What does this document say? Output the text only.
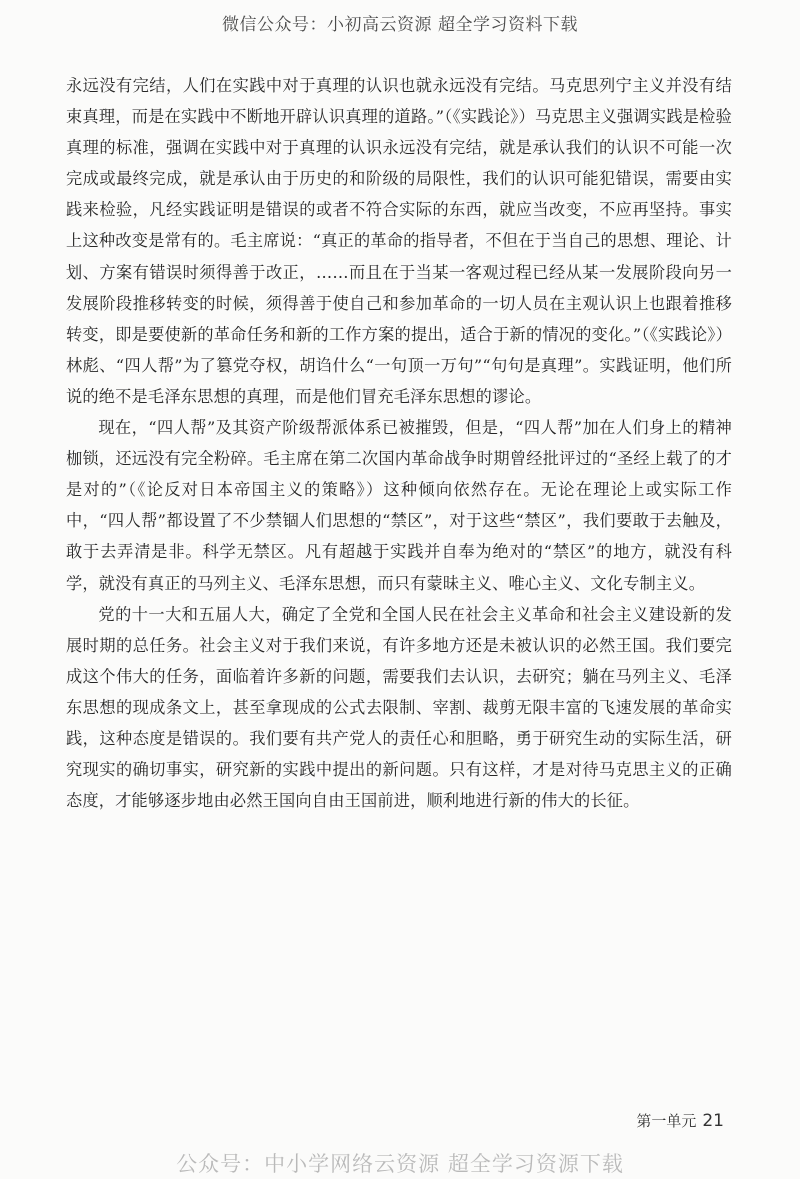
微信公众号：小初高云资源 超全学习资料下载

永远没有完结，人们在实践中对于真理的认识也就永远没有完结。马克思列宁主义并没有结束真理，而是在实践中不断地开辟认识真理的道路。”（《实践论》）马克思主义强调实践是检验真理的标准，强调在实践中对于真理的认识永远没有完结，就是承认我们的认识不可能一次完成或最终完成，就是承认由于历史的和阶级的局限性，我们的认识可能犯错误，需要由实践来检验，凡经实践证明是错误的或者不符合实际的东西，就应当改变，不应再坚持。事实上这种改变是常有的。毛主席说：“真正的革命的指导者，不但在于当自己的思想、理论、计划、方案有错误时须得善于改正，……而且在于当某一客观过程已经从某一发展阶段向另一发展阶段推移转变的时候，须得善于使自己和参加革命的一切人员在主观认识上也跟着推移转变，即是要使新的革命任务和新的工作方案的提出，适合于新的情况的变化。”（《实践论》）林彪、“四人帮”为了篡党夺权，胡诌什么“一句顶一万句”“句句是真理”。实践证明，他们所说的绝不是毛泽东思想的真理，而是他们冒充毛泽东思想的谬论。

现在，“四人帮”及其资产阶级帮派体系已被摧毁，但是，“四人帮”加在人们身上的精神枷锁，还远没有完全粉碎。毛主席在第二次国内革命战争时期曾经批评过的“圣经上载了的才是对的”（《论反对日本帝国主义的策略》）这种倾向依然存在。无论在理论上或实际工作中，“四人帮”都设置了不少禁锢人们思想的“禁区”，对于这些“禁区”，我们要敢于去触及，敢于去弄清是非。科学无禁区。凡有超越于实践并自奉为绝对的“禁区”的地方，就没有科学，就没有真正的马列主义、毛泽东思想，而只有蒙昧主义、唯心主义、文化专制主义。

党的十一大和五届人大，确定了全党和全国人民在社会主义革命和社会主义建设新的发展时期的总任务。社会主义对于我们来说，有许多地方还是未被认识的必然王国。我们要完成这个伟大的任务，面临着许多新的问题，需要我们去认识，去研究；躺在马列主义、毛泽东思想的现成条文上，甚至拿现成的公式去限制、宰割、裁剪无限丰富的飞速发展的革命实践，这种态度是错误的。我们要有共产党人的责任心和胆略，勇于研究生动的实际生活，研究现实的确切事实，研究新的实践中提出的新问题。只有这样，才是对待马克思主义的正确态度，才能够逐步地由必然王国向自由王国前进，顺利地进行新的伟大的长征。

第一单元 21
公众号：中小学网络云资源 超全学习资源下载
